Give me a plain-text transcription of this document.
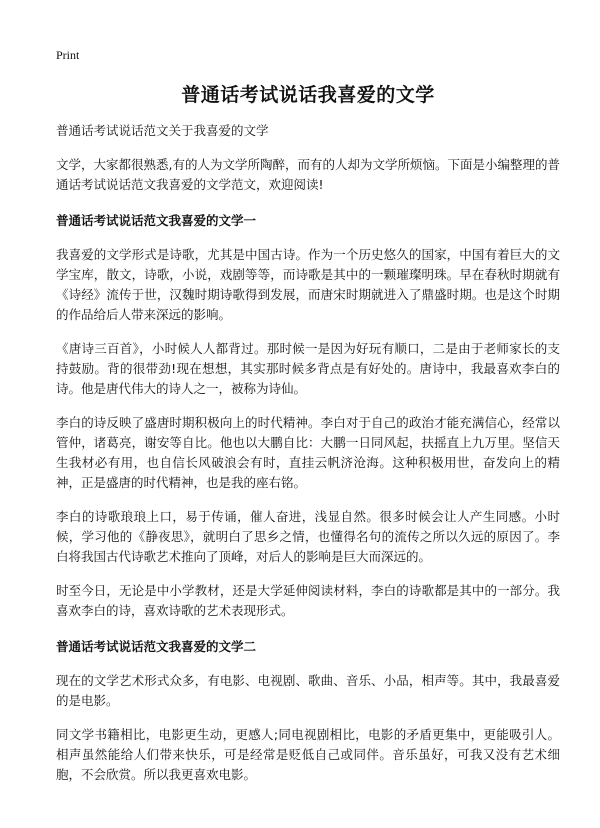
Print
普通话考试说话我喜爱的文学

普通话考试说话范文关于我喜爱的文学

文学，大家都很熟悉,有的人为文学所陶醉，而有的人却为文学所烦恼。下面是小编整理的普通话考试说话范文我喜爱的文学范文，欢迎阅读!

普通话考试说话范文我喜爱的文学一

我喜爱的文学形式是诗歌，尤其是中国古诗。作为一个历史悠久的国家，中国有着巨大的文学宝库，散文，诗歌，小说，戏剧等等，而诗歌是其中的一颗璀璨明珠。早在春秋时期就有《诗经》流传于世，汉魏时期诗歌得到发展，而唐宋时期就进入了鼎盛时期。也是这个时期的作品给后人带来深远的影响。

《唐诗三百首》，小时候人人都背过。那时候一是因为好玩有顺口，二是由于老师家长的支持鼓励。背的很带劲!现在想想，其实那时候多背点是有好处的。唐诗中，我最喜欢李白的诗。他是唐代伟大的诗人之一，被称为诗仙。

李白的诗反映了盛唐时期积极向上的时代精神。李白对于自己的政治才能充满信心，经常以管仲，诸葛亮，谢安等自比。他也以大鹏自比：大鹏一日同风起，扶摇直上九万里。坚信天生我材必有用，也自信长风破浪会有时，直挂云帆济沧海。这种积极用世，奋发向上的精神，正是盛唐的时代精神，也是我的座右铭。

李白的诗歌琅琅上口，易于传诵，催人奋进，浅显自然。很多时候会让人产生同感。小时候，学习他的《静夜思》，就明白了思乡之情，也懂得名句的流传之所以久远的原因了。李白将我国古代诗歌艺术推向了顶峰，对后人的影响是巨大而深远的。

时至今日，无论是中小学教材，还是大学延伸阅读材料，李白的诗歌都是其中的一部分。我喜欢李白的诗，喜欢诗歌的艺术表现形式。

普通话考试说话范文我喜爱的文学二

现在的文学艺术形式众多，有电影、电视剧、歌曲、音乐、小品，相声等。其中，我最喜爱的是电影。

同文学书籍相比，电影更生动，更感人;同电视剧相比，电影的矛盾更集中，更能吸引人。相声虽然能给人们带来快乐，可是经常是贬低自己或同伴。音乐虽好，可我又没有艺术细胞，不会欣赏。所以我更喜欢电影。
